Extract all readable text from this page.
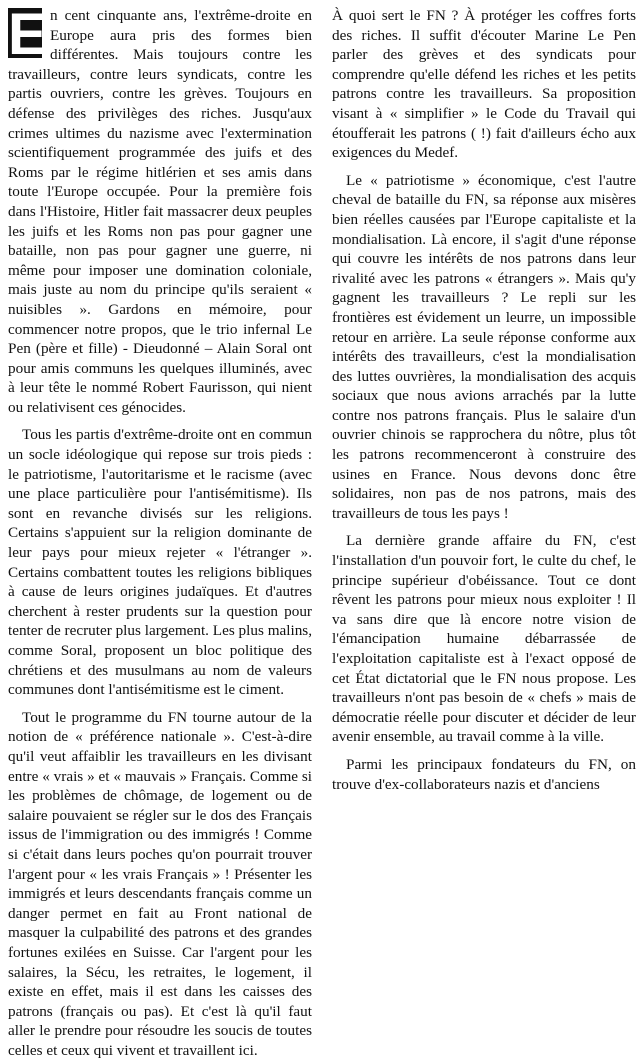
E n cent cinquante ans, l'extrême-droite en Europe aura pris des formes bien différentes. Mais toujours contre les travailleurs, contre leurs syndicats, contre les partis ouvriers, contre les grèves. Toujours en défense des privilèges des riches. Jusqu'aux crimes ultimes du nazisme avec l'extermination scientifiquement programmée des juifs et des Roms par le régime hitlérien et ses amis dans toute l'Europe occupée. Pour la première fois dans l'Histoire, Hitler fait massacrer deux peuples les juifs et les Roms non pas pour gagner une bataille, non pas pour gagner une guerre, ni même pour imposer une domination coloniale, mais juste au nom du principe qu'ils seraient « nuisibles ». Gardons en mémoire, pour commencer notre propos, que le trio infernal Le Pen (père et fille) - Dieudonné – Alain Soral ont pour amis communs les quelques illuminés, avec à leur tête le nommé Robert Faurisson, qui nient ou relativisent ces génocides.

Tous les partis d'extrême-droite ont en commun un socle idéologique qui repose sur trois pieds : le patriotisme, l'autoritarisme et le racisme (avec une place particulière pour l'antisémitisme). Ils sont en revanche divisés sur les religions. Certains s'appuient sur la religion dominante de leur pays pour mieux rejeter « l'étranger ». Certains combattent toutes les religions bibliques à cause de leurs origines judaïques. Et d'autres cherchent à rester prudents sur la question pour tenter de recruter plus largement. Les plus malins, comme Soral, proposent un bloc politique des chrétiens et des musulmans au nom de valeurs communes dont l'antisémitisme est le ciment.

Tout le programme du FN tourne autour de la notion de « préférence nationale ». C'est-à-dire qu'il veut affaiblir les travailleurs en les divisant entre « vrais » et « mauvais » Français. Comme si les problèmes de chômage, de logement ou de salaire pouvaient se régler sur le dos des Français issus de l'immigration ou des immigrés ! Comme si c'était dans leurs poches qu'on pourrait trouver l'argent pour « les vrais Français » ! Présenter les immigrés et leurs descendants français comme un danger permet en fait au Front national de masquer la culpabilité des patrons et des grandes fortunes exilées en Suisse. Car l'argent pour les salaires, la Sécu, les retraites, le logement, il existe en effet, mais il est dans les caisses des patrons (français ou pas). Et c'est là qu'il faut aller le prendre pour résoudre les soucis de toutes celles et ceux qui vivent et travaillent ici.

À quoi sert le FN ? À protéger les coffres forts des riches. Il suffit d'écouter Marine Le Pen parler des grèves et des syndicats pour comprendre qu'elle défend les riches et les petits patrons contre les travailleurs. Sa proposition visant à « simplifier » le Code du Travail qui étoufferait les patrons ( !) fait d'ailleurs écho aux exigences du Medef.

Le « patriotisme » économique, c'est l'autre cheval de bataille du FN, sa réponse aux misères bien réelles causées par l'Europe capitaliste et la mondialisation. Là encore, il s'agit d'une réponse qui couvre les intérêts de nos patrons dans leur rivalité avec les patrons « étrangers ». Mais qu'y gagnent les travailleurs ? Le repli sur les frontières est évidement un leurre, un impossible retour en arrière. La seule réponse conforme aux intérêts des travailleurs, c'est la mondialisation des luttes ouvrières, la mondialisation des acquis sociaux que nous avions arrachés par la lutte contre nos patrons français. Plus le salaire d'un ouvrier chinois se rapprochera du nôtre, plus tôt les patrons recommenceront à construire des usines en France. Nous devons donc être solidaires, non pas de nos patrons, mais des travailleurs de tous les pays !

La dernière grande affaire du FN, c'est l'installation d'un pouvoir fort, le culte du chef, le principe supérieur d'obéissance. Tout ce dont rêvent les patrons pour mieux nous exploiter ! Il va sans dire que là encore notre vision de l'émancipation humaine débarrassée de l'exploitation capitaliste est à l'exact opposé de cet État dictatorial que le FN nous propose. Les travailleurs n'ont pas besoin de « chefs » mais de démocratie réelle pour discuter et décider de leur avenir ensemble, au travail comme à la ville.

Parmi les principaux fondateurs du FN, on trouve d'ex-collaborateurs nazis et d'anciens
